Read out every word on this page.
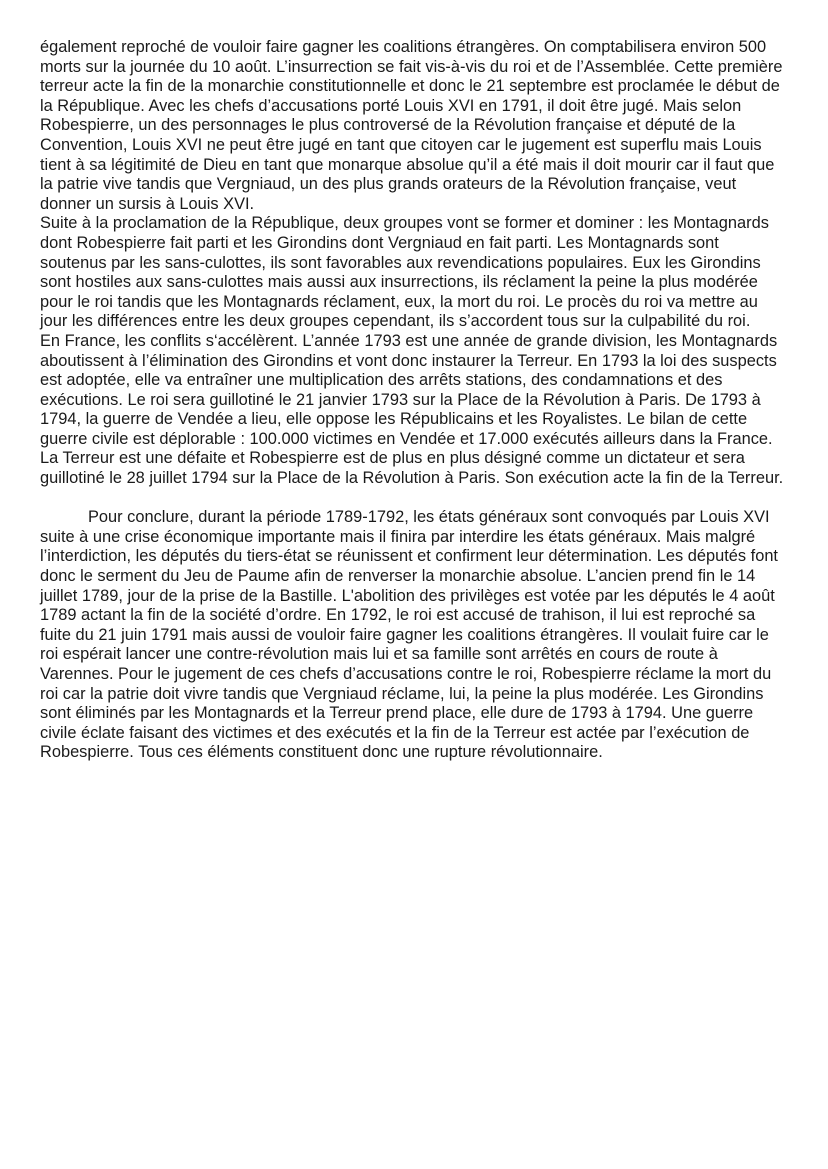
également reproché de vouloir faire gagner les coalitions étrangères. On comptabilisera environ 500 morts sur la journée du 10 août. L’insurrection se fait vis-à-vis du roi et de l’Assemblée. Cette première terreur acte la fin de la monarchie constitutionnelle et donc le 21 septembre est proclamée le début de la République. Avec les chefs d’accusations porté Louis XVI en 1791, il doit être jugé. Mais selon Robespierre, un des personnages le plus controversé de la Révolution française et député de la Convention, Louis XVI ne peut être jugé en tant que citoyen car le jugement est superflu mais Louis tient à sa légitimité de Dieu en tant que monarque absolue qu’il a été mais il doit mourir car il faut que la patrie vive tandis que Vergniaud, un des plus grands orateurs de la Révolution française, veut donner un sursis à Louis XVI.

Suite à la proclamation de la République, deux groupes vont se former et dominer : les Montagnards dont Robespierre fait parti et les Girondins dont Vergniaud en fait parti. Les Montagnards sont soutenus par les sans-culottes, ils sont favorables aux revendications populaires. Eux les Girondins sont hostiles aux sans-culottes mais aussi aux insurrections, ils réclament la peine la plus modérée pour le roi tandis que les Montagnards réclament, eux, la mort du roi. Le procès du roi va mettre au jour les différences entre les deux groupes cependant, ils s’accordent tous sur la culpabilité du roi.

En France, les conflits s‘accélèrent. L’année 1793 est une année de grande division, les Montagnards aboutissent à l’élimination des Girondins et vont donc instaurer la Terreur. En 1793 la loi des suspects est adoptée, elle va entraîner une multiplication des arrêts stations, des condamnations et des exécutions. Le roi sera guillotiné le 21 janvier 1793 sur la Place de la Révolution à Paris. De 1793 à 1794, la guerre de Vendée a lieu, elle oppose les Républicains et les Royalistes. Le bilan de cette guerre civile est déplorable : 100.000 victimes en Vendée et 17.000 exécutés ailleurs dans la France. La Terreur est une défaite et Robespierre est de plus en plus désigné comme un dictateur et sera guillotiné le 28 juillet 1794 sur la Place de la Révolution à Paris. Son exécution acte la fin de la Terreur.

Pour conclure, durant la période 1789-1792, les états généraux sont convoqués par Louis XVI suite à une crise économique importante mais il finira par interdire les états généraux. Mais malgré l’interdiction, les députés du tiers-état se réunissent et confirment leur détermination. Les députés font donc le serment du Jeu de Paume afin de renverser la monarchie absolue. L’ancien prend fin le 14 juillet 1789, jour de la prise de la Bastille. L'abolition des privilèges est votée par les députés le 4 août 1789 actant la fin de la société d’ordre. En 1792, le roi est accusé de trahison, il lui est reproché sa fuite du 21 juin 1791 mais aussi de vouloir faire gagner les coalitions étrangères. Il voulait fuire car le roi espérait lancer une contre-révolution mais lui et sa famille sont arrêtés en cours de route à Varennes. Pour le jugement de ces chefs d’accusations contre le roi, Robespierre réclame la mort du roi car la patrie doit vivre tandis que Vergniaud réclame, lui, la peine la plus modérée. Les Girondins sont éliminés par les Montagnards et la Terreur prend place, elle dure de 1793 à 1794. Une guerre civile éclate faisant des victimes et des exécutés et la fin de la Terreur est actée par l’exécution de Robespierre. Tous ces éléments constituent donc une rupture révolutionnaire.
